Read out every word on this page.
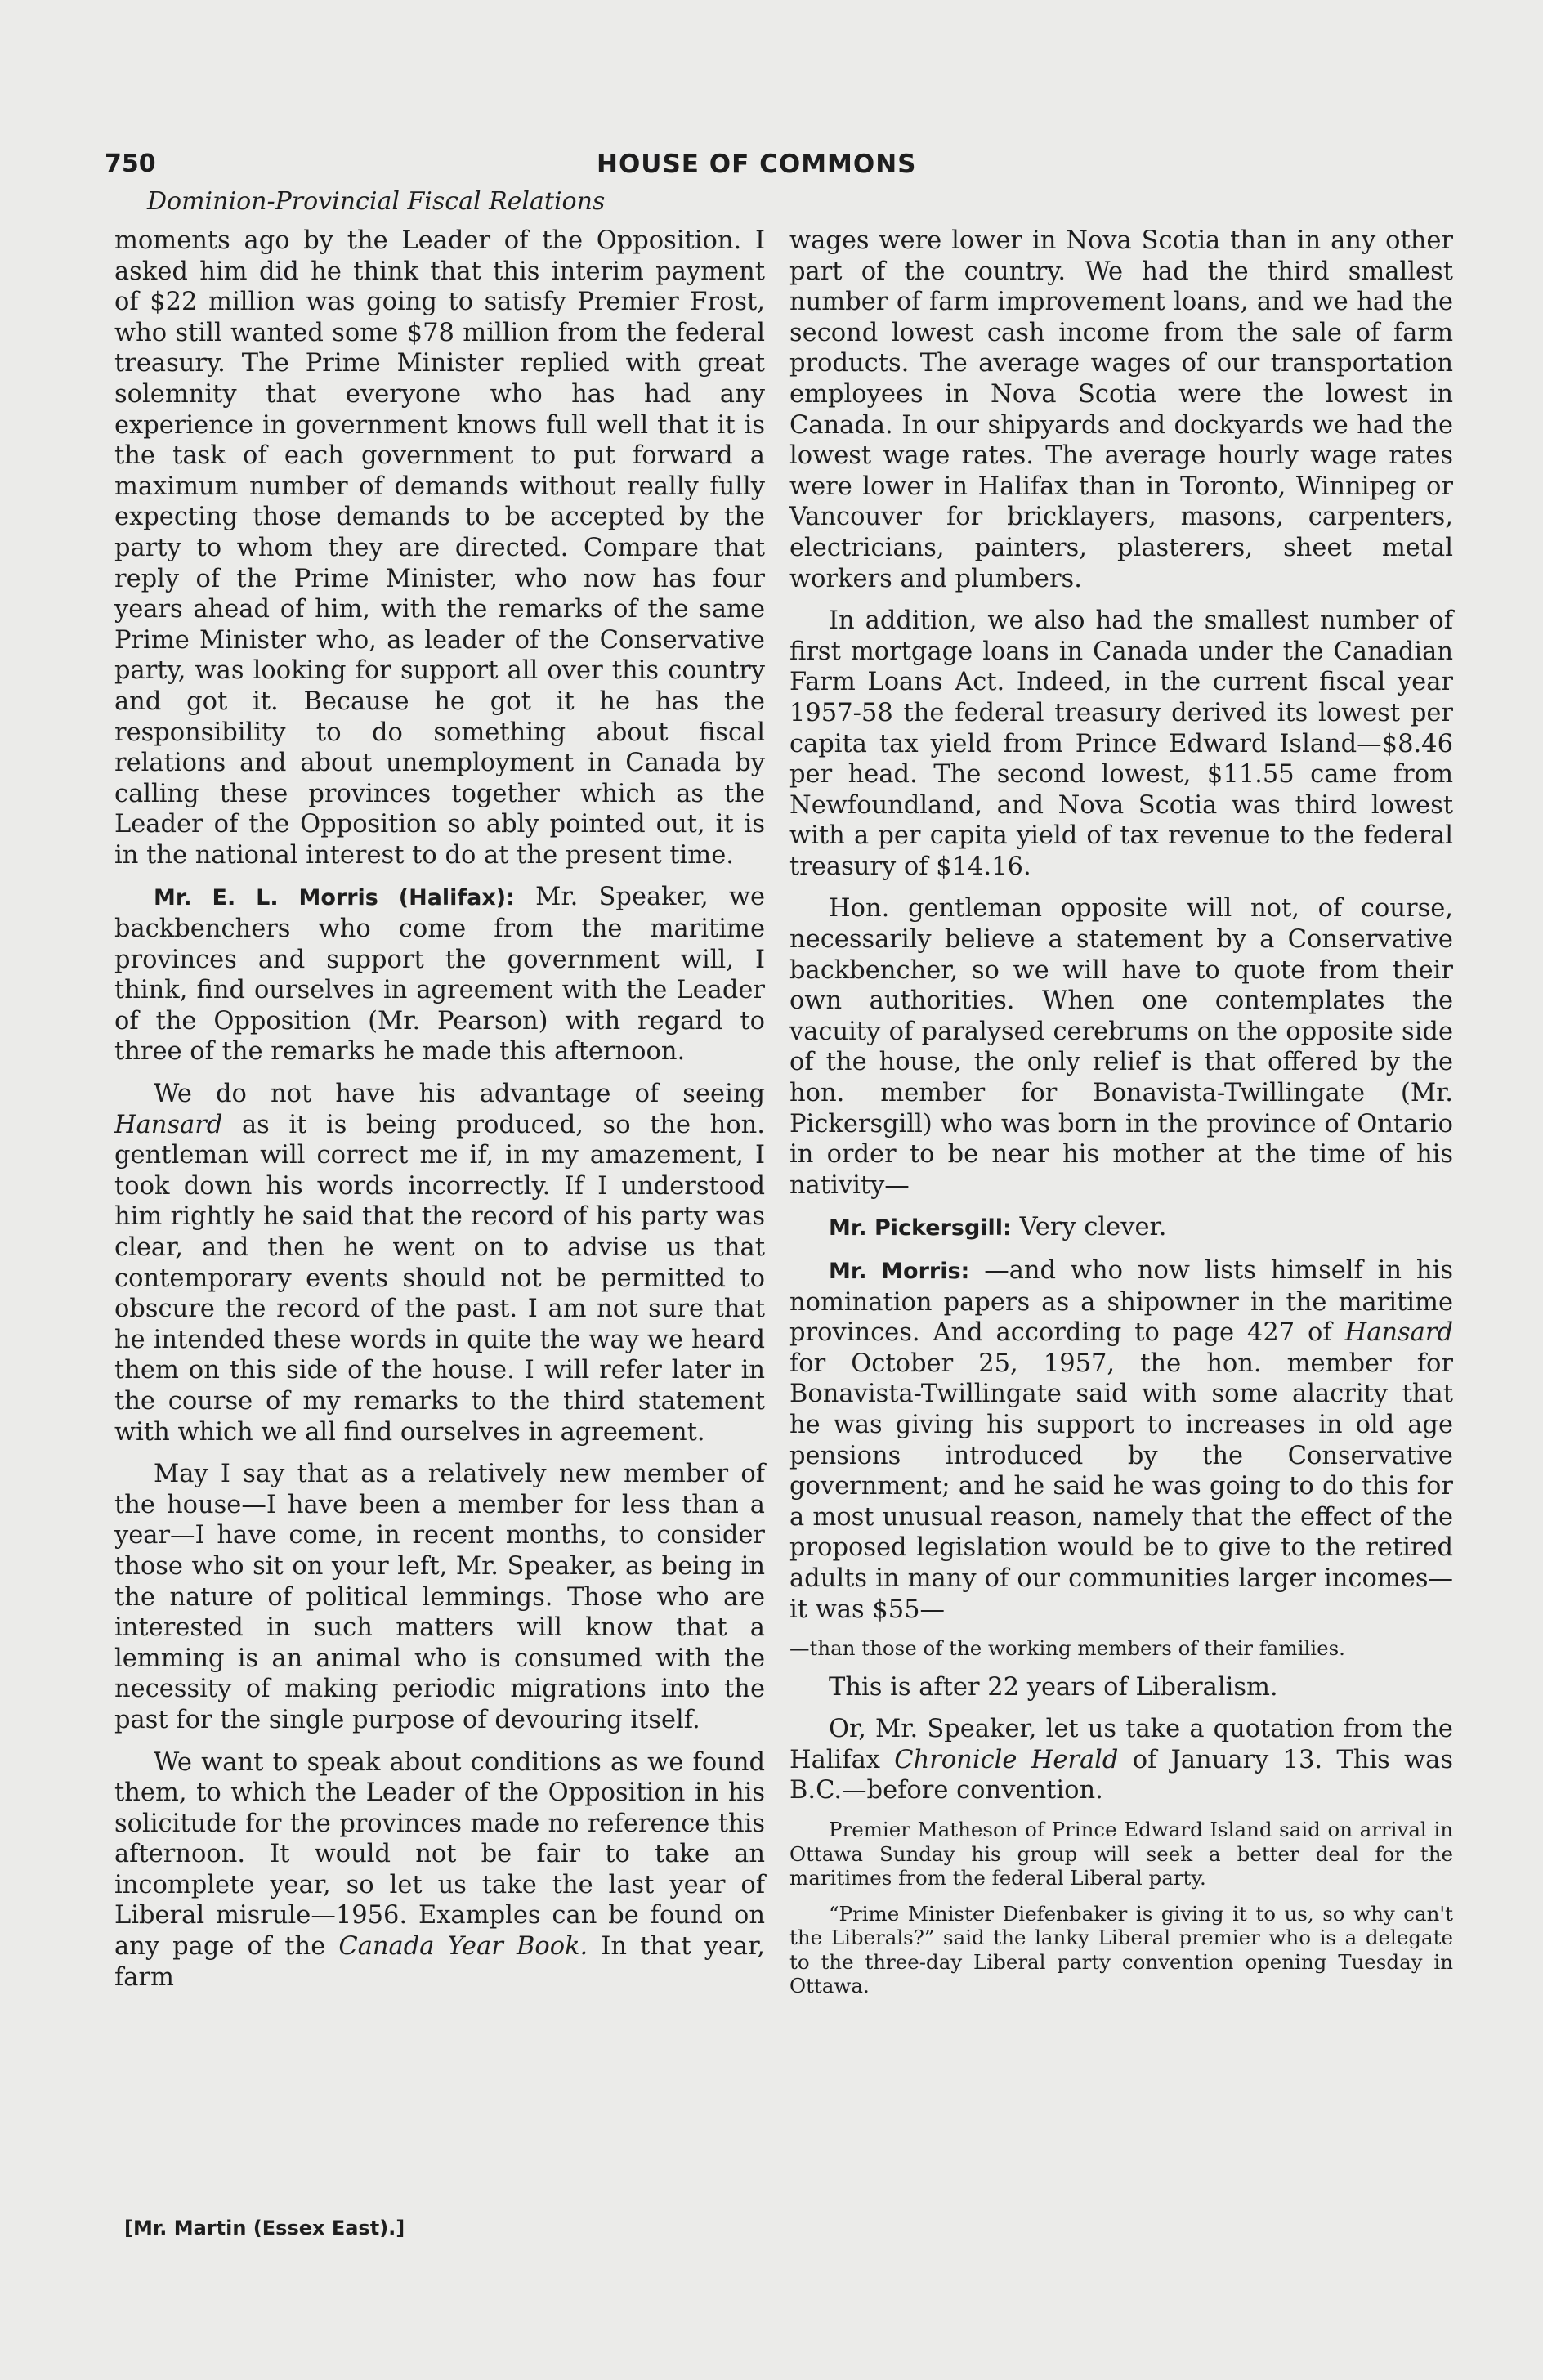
750	HOUSE OF COMMONS
Dominion-Provincial Fiscal Relations

moments ago by the Leader of the Opposition. I asked him did he think that this interim payment of $22 million was going to satisfy Premier Frost, who still wanted some $78 million from the federal treasury. The Prime Minister replied with great solemnity that everyone who has had any experience in government knows full well that it is the task of each government to put forward a maximum number of demands without really fully expecting those demands to be accepted by the party to whom they are directed. Compare that reply of the Prime Minister, who now has four years ahead of him, with the remarks of the same Prime Minister who, as leader of the Conservative party, was looking for support all over this country and got it. Because he got it he has the responsibility to do something about fiscal relations and about unemployment in Canada by calling these provinces together which as the Leader of the Opposition so ably pointed out, it is in the national interest to do at the present time.

Mr. E. L. Morris (Halifax): Mr. Speaker, we backbenchers who come from the maritime provinces and support the government will, I think, find ourselves in agreement with the Leader of the Opposition (Mr. Pearson) with regard to three of the remarks he made this afternoon.

We do not have his advantage of seeing Hansard as it is being produced, so the hon. gentleman will correct me if, in my amazement, I took down his words incorrectly. If I understood him rightly he said that the record of his party was clear, and then he went on to advise us that contemporary events should not be permitted to obscure the record of the past. I am not sure that he intended these words in quite the way we heard them on this side of the house. I will refer later in the course of my remarks to the third statement with which we all find ourselves in agreement.

May I say that as a relatively new member of the house—I have been a member for less than a year—I have come, in recent months, to consider those who sit on your left, Mr. Speaker, as being in the nature of political lemmings. Those who are interested in such matters will know that a lemming is an animal who is consumed with the necessity of making periodic migrations into the past for the single purpose of devouring itself.

We want to speak about conditions as we found them, to which the Leader of the Opposition in his solicitude for the provinces made no reference this afternoon. It would not be fair to take an incomplete year, so let us take the last year of Liberal misrule—1956. Examples can be found on any page of the Canada Year Book. In that year, farm

wages were lower in Nova Scotia than in any other part of the country. We had the third smallest number of farm improvement loans, and we had the second lowest cash income from the sale of farm products. The average wages of our transportation employees in Nova Scotia were the lowest in Canada. In our shipyards and dockyards we had the lowest wage rates. The average hourly wage rates were lower in Halifax than in Toronto, Winnipeg or Vancouver for bricklayers, masons, carpenters, electricians, painters, plasterers, sheet metal workers and plumbers.

In addition, we also had the smallest number of first mortgage loans in Canada under the Canadian Farm Loans Act. Indeed, in the current fiscal year 1957-58 the federal treasury derived its lowest per capita tax yield from Prince Edward Island—$8.46 per head. The second lowest, $11.55 came from Newfoundland, and Nova Scotia was third lowest with a per capita yield of tax revenue to the federal treasury of $14.16.

Hon. gentleman opposite will not, of course, necessarily believe a statement by a Conservative backbencher, so we will have to quote from their own authorities. When one contemplates the vacuity of paralysed cerebrums on the opposite side of the house, the only relief is that offered by the hon. member for Bonavista-Twillingate (Mr. Pickersgill) who was born in the province of Ontario in order to be near his mother at the time of his nativity—

Mr. Pickersgill: Very clever.

Mr. Morris: —and who now lists himself in his nomination papers as a shipowner in the maritime provinces. And according to page 427 of Hansard for October 25, 1957, the hon. member for Bonavista-Twillingate said with some alacrity that he was giving his support to increases in old age pensions introduced by the Conservative government; and he said he was going to do this for a most unusual reason, namely that the effect of the proposed legislation would be to give to the retired adults in many of our communities larger incomes—it was $55—

—than those of the working members of their families.

This is after 22 years of Liberalism.

Or, Mr. Speaker, let us take a quotation from the Halifax Chronicle Herald of January 13. This was B.C.—before convention.

Premier Matheson of Prince Edward Island said on arrival in Ottawa Sunday his group will seek a better deal for the maritimes from the federal Liberal party.

“Prime Minister Diefenbaker is giving it to us, so why can't the Liberals?” said the lanky Liberal premier who is a delegate to the three-day Liberal party convention opening Tuesday in Ottawa.

[Mr. Martin (Essex East).]
